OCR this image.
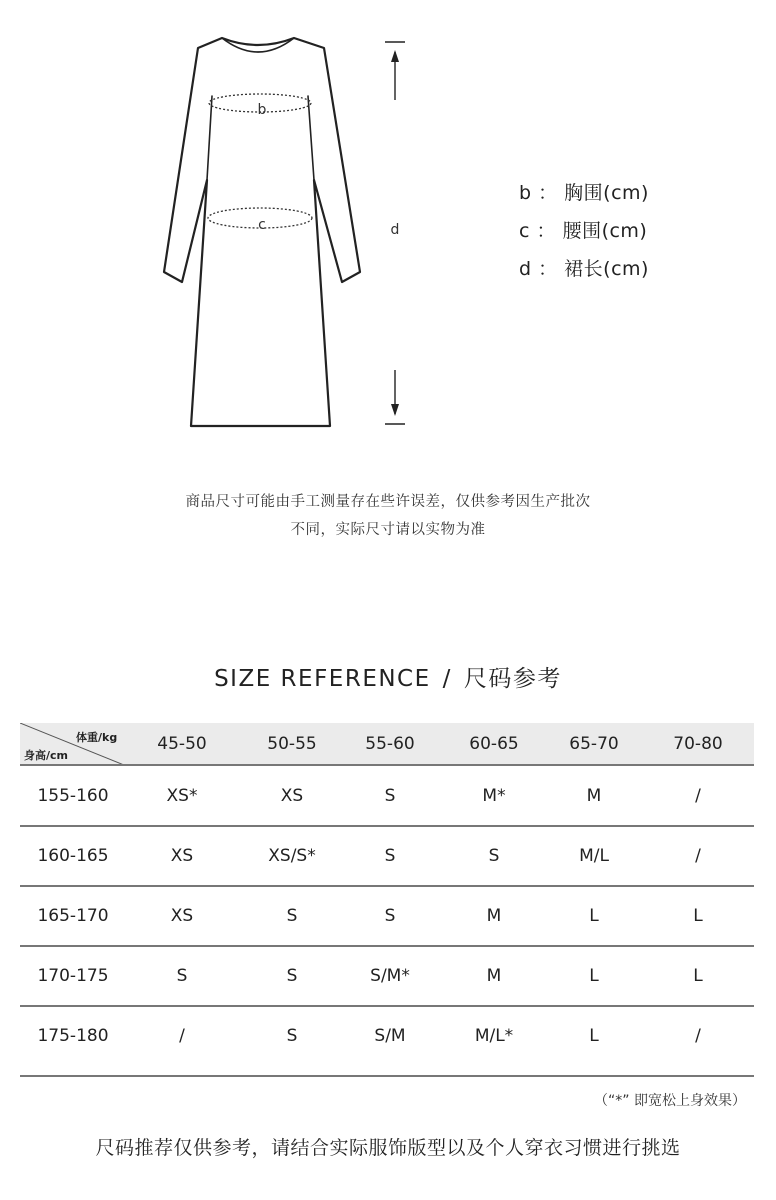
b
c	d
b ： 胸围(cm)
c ： 腰围(cm)
d ： 裙长(cm)
商品尺寸可能由手工测量存在些许误差，仅供参考因生产批次
不同，实际尺寸请以实物为准
SIZE REFERENCE / 尺码参考
体重/kg
身高/cm
45-50	50-55	55-60	60-65	65-70	70-80
155-160	XS*	XS	S	M*	M	/
160-165	XS	XS/S*	S	S	M/L	/
165-170	XS	S	S	M	L	L
170-175	S	S	S/M*	M	L	L
175-180	/	S	S/M	M/L*	L	/
（“*” 即宽松上身效果）
尺码推荐仅供参考，请结合实际服饰版型以及个人穿衣习惯进行挑选
